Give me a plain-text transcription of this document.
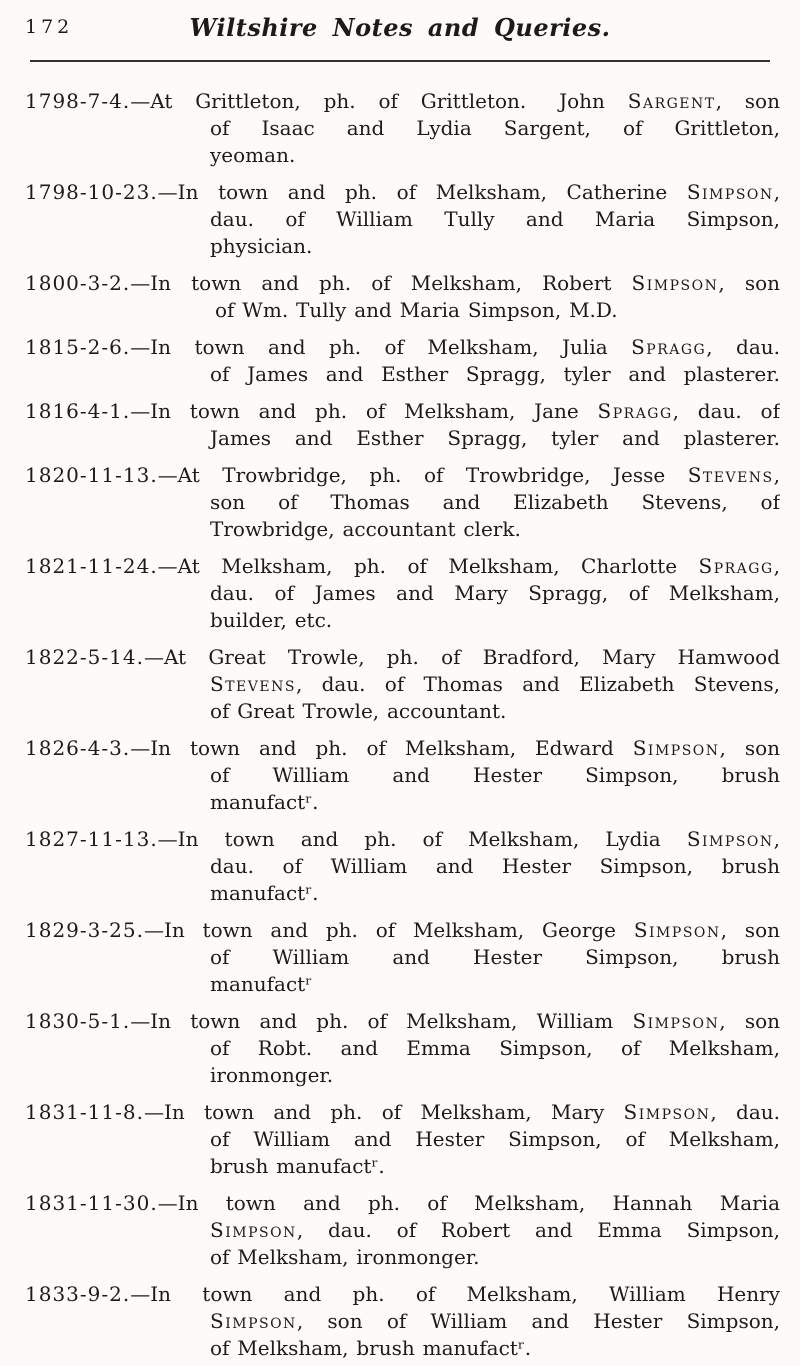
172	Wiltshire Notes and Queries.
1798-7-4.—At Grittleton, ph. of Grittleton.  John Sargent, son
of Isaac and Lydia Sargent, of Grittleton,
yeoman.
1798-10-23.—In town and ph. of Melksham, Catherine Simpson,
dau. of William Tully and Maria Simpson,
physician.
1800-3-2.—In town and ph. of Melksham, Robert Simpson, son
of Wm. Tully and Maria Simpson, M.D.
1815-2-6.—In town and ph. of Melksham, Julia Spragg, dau.
of James and Esther Spragg, tyler and plasterer.
1816-4-1.—In town and ph. of Melksham, Jane Spragg, dau. of
James and Esther Spragg, tyler and plasterer.
1820-11-13.—At Trowbridge, ph. of Trowbridge, Jesse Stevens,
son of Thomas and Elizabeth Stevens, of
Trowbridge, accountant clerk.
1821-11-24.—At Melksham, ph. of Melksham, Charlotte Spragg,
dau. of James and Mary Spragg, of Melksham,
builder, etc.
1822-5-14.—At Great Trowle, ph. of Bradford, Mary Hamwood
Stevens, dau. of Thomas and Elizabeth Stevens,
of Great Trowle, accountant.
1826-4-3.—In town and ph. of Melksham, Edward Simpson, son
of William and Hester Simpson, brush
manufactʳ.
1827-11-13.—In town and ph. of Melksham, Lydia Simpson,
dau. of William and Hester Simpson, brush
manufactʳ.
1829-3-25.—In town and ph. of Melksham, George Simpson, son
of William and Hester Simpson, brush
manufactʳ
1830-5-1.—In town and ph. of Melksham, William Simpson, son
of Robt. and Emma Simpson, of Melksham,
ironmonger.
1831-11-8.—In town and ph. of Melksham, Mary Simpson, dau.
of William and Hester Simpson, of Melksham,
brush manufactʳ.
1831-11-30.—In town and ph. of Melksham, Hannah Maria
Simpson, dau. of Robert and Emma Simpson,
of Melksham, ironmonger.
1833-9-2.—In town and ph. of Melksham, William Henry
Simpson, son of William and Hester Simpson,
of Melksham, brush manufactʳ.
